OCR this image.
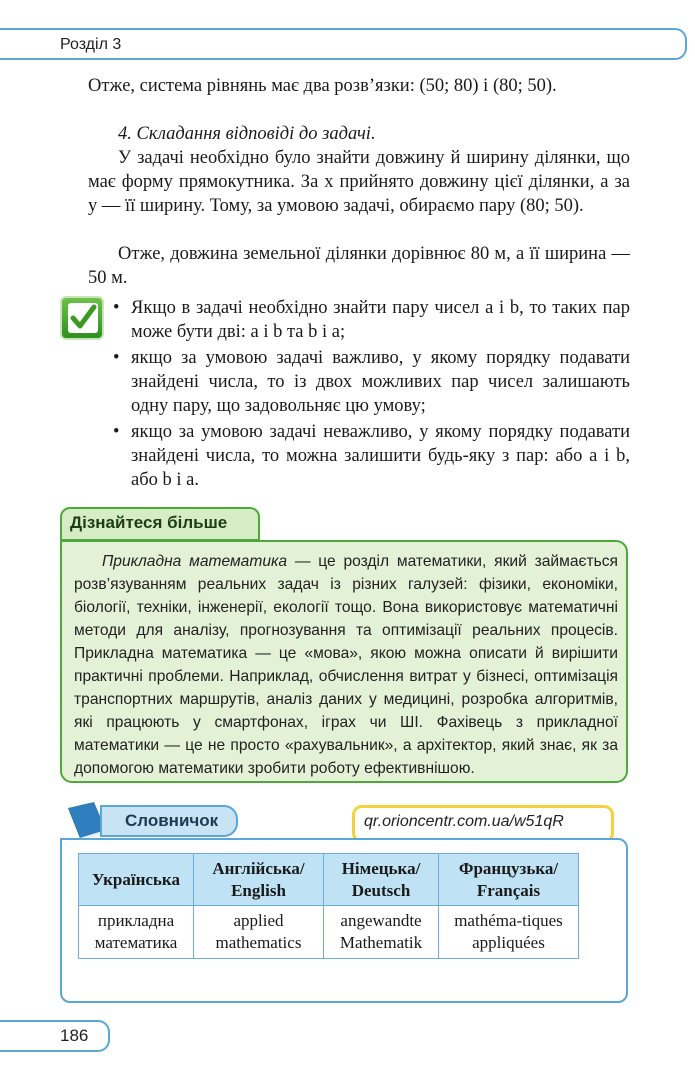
Розділ 3
Отже, система рівнянь має два розв’язки: (50; 80) і (80; 50).
4. Складання відповіді до задачі.
У задачі необхідно було знайти довжину й ширину ділянки, що має форму прямокутника. За x прийнято довжину цієї ділянки, а за y — її ширину. Тому, за умовою задачі, обираємо пару (80; 50).
Отже, довжина земельної ділянки дорівнює 80 м, а її ширина — 50 м.
• Якщо в задачі необхідно знайти пару чисел a і b, то таких пар може бути дві: a і b та b і a;
• якщо за умовою задачі важливо, у якому порядку подавати знайдені числа, то із двох можливих пар чисел залишають одну пару, що задовольняє цю умову;
• якщо за умовою задачі неважливо, у якому порядку подавати знайдені числа, то можна залишити будь-яку з пар: або a і b, або b і a.
Дізнайтеся більше
Прикладна математика — це розділ математики, який займається розв’язуванням реальних задач із різних галузей: фізики, економіки, біології, техніки, інженерії, екології тощо. Вона використовує математичні методи для аналізу, прогнозування та оптимізації реальних процесів. Прикладна математика — це «мова», якою можна описати й вирішити практичні проблеми. Наприклад, обчислення витрат у бізнесі, оптимізація транспортних маршрутів, аналіз даних у медицині, розробка алгоритмів, які працюють у смартфонах, іграх чи ШІ. Фахівець з прикладної математики — це не просто «рахувальник», а архітектор, який знає, як за допомогою математики зробити роботу ефективнішою.
Словничок	qr.orioncentr.com.ua/w51qR
Українська	Англійська/ English	Німецька/ Deutsch	Французька/ Français
прикладна математика	applied mathematics	angewandte Mathematik	mathéma-tiques appliquées
186
